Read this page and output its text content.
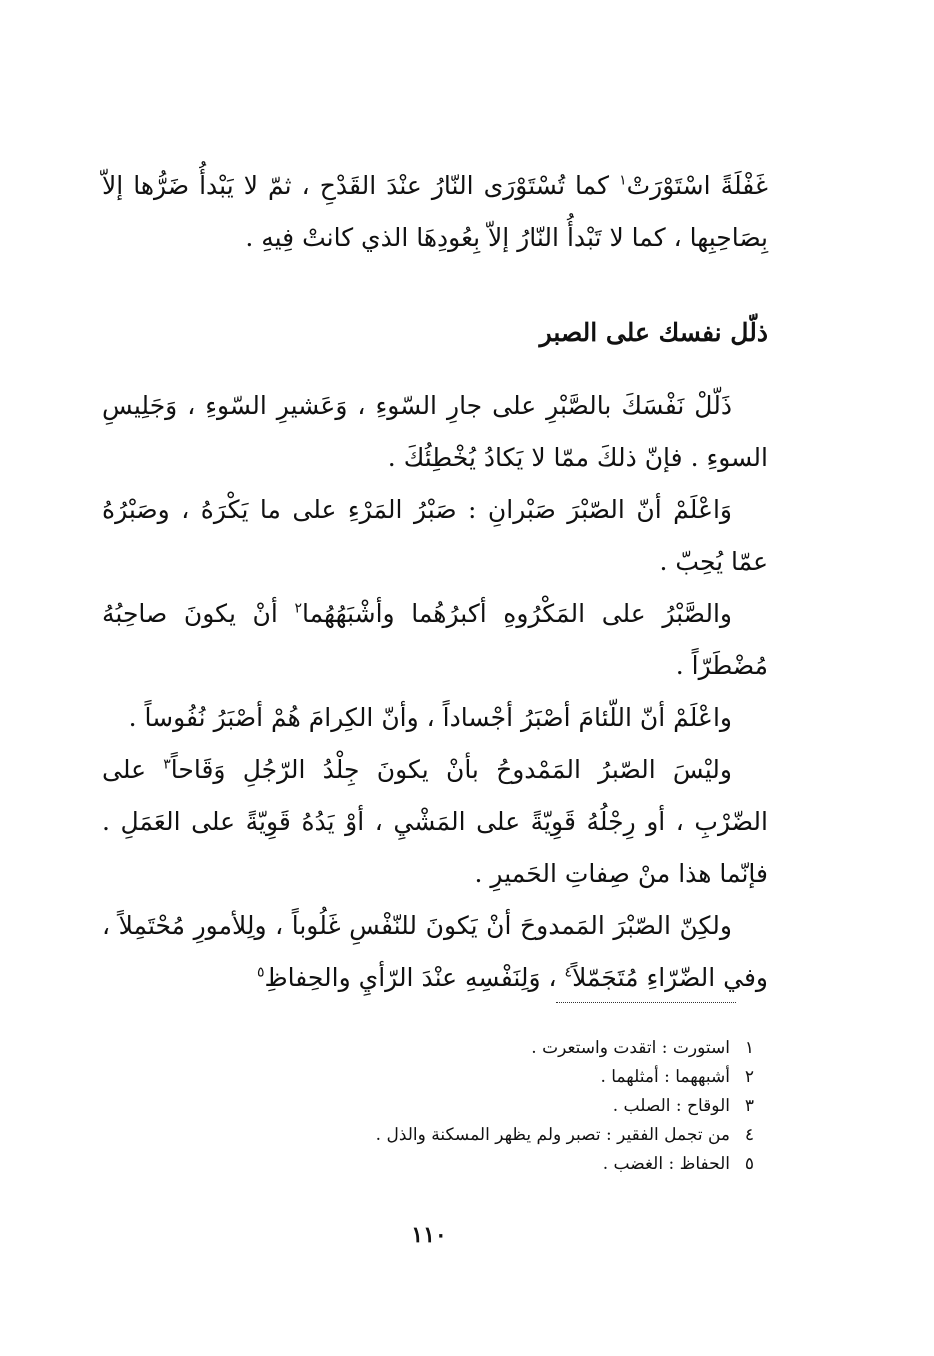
غَفْلَةً اسْتَوْرَتْ$^١$ كما تُسْتَوْرَى النّارُ عنْدَ القَدْحِ ، ثمّ لا يَبْدأُ ضَرُّها إلاّ بِصَاحِبِها ، كما لا تَبْدأُ النّارُ إلاّ بِعُودِهَا الذي كانتْ فِيهِ .

ذلّل نفسك على الصبر

ذَلّلْ نَفْسَكَ بالصَّبْرِ على جارِ السّوءِ ، وَعَشيرِ السّوءِ ، وَجَلِيسِ السوءِ . فإنّ ذلكَ ممّا لا يَكادُ يُخْطِئُكَ .

وَاعْلَمْ أنّ الصّبْرَ صَبْرانِ : صَبْرُ المَرْءِ على ما يَكْرَهُ ، وصَبْرُهُ عمّا يُحِبّ .

والصَّبْرُ على المَكْرُوهِ أكبرُهُما وأشْبَهُهُما$^٢$ أنْ يكونَ صاحِبُهُ مُضْطَرّاً .

واعْلَمْ أنّ اللّئامَ أصْبَرُ أجْساداً ، وأنّ الكِرامَ هُمْ أصْبَرُ نُفُوساً .

وليْسَ الصّبرُ المَمْدوحُ بأنْ يكونَ جِلْدُ الرّجُلِ وَقَاحاً$^٣$ على الضّرْبِ ، أو رِجْلُهُ قَوِيّةً على المَشْيِ ، أوْ يَدُهُ قَوِيّةً على العَمَلِ . فإنّما هذا منْ صِفاتِ الحَميرِ .

ولكِنّ الصّبْرَ المَمدوحَ أنْ يَكونَ للنّفْسِ غَلُوباً ، ولِلأمورِ مُحْتَمِلاً ، وفي الضّرّاءِ مُتَجَمّلاً$^٤$ ، وَلِنَفْسِهِ عنْدَ الرّأيِ والحِفاظِ$^٥$

١استورت : اتقدت واستعرت .
٢أشبههما : أمثلهما .
٣الوقاح : الصلب .
٤من تجمل الفقير : تصبر ولم يظهر المسكنة والذل .
٥الحفاظ : الغضب .
١١٠
